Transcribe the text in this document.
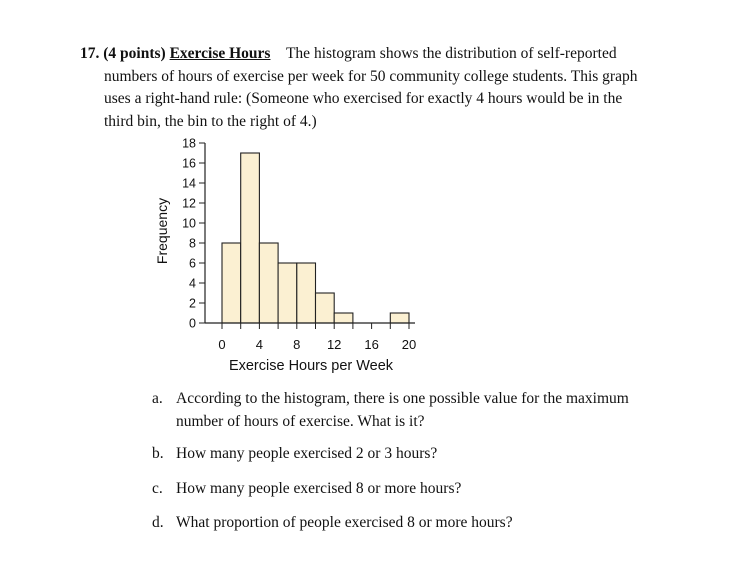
17. (4 points) Exercise Hours The histogram shows the distribution of self-reported
numbers of hours of exercise per week for 50 community college students. This graph
uses a right-hand rule: (Someone who exercised for exactly 4 hours would be in the
third bin, the bin to the right of 4.)
0
2
4
6
8
10
12
14
16
18
0 4 8 12 16 20
Frequency
Exercise Hours per Week
a. According to the histogram, there is one possible value for the maximum
number of hours of exercise. What is it?
b. How many people exercised 2 or 3 hours?
c. How many people exercised 8 or more hours?
d. What proportion of people exercised 8 or more hours?
